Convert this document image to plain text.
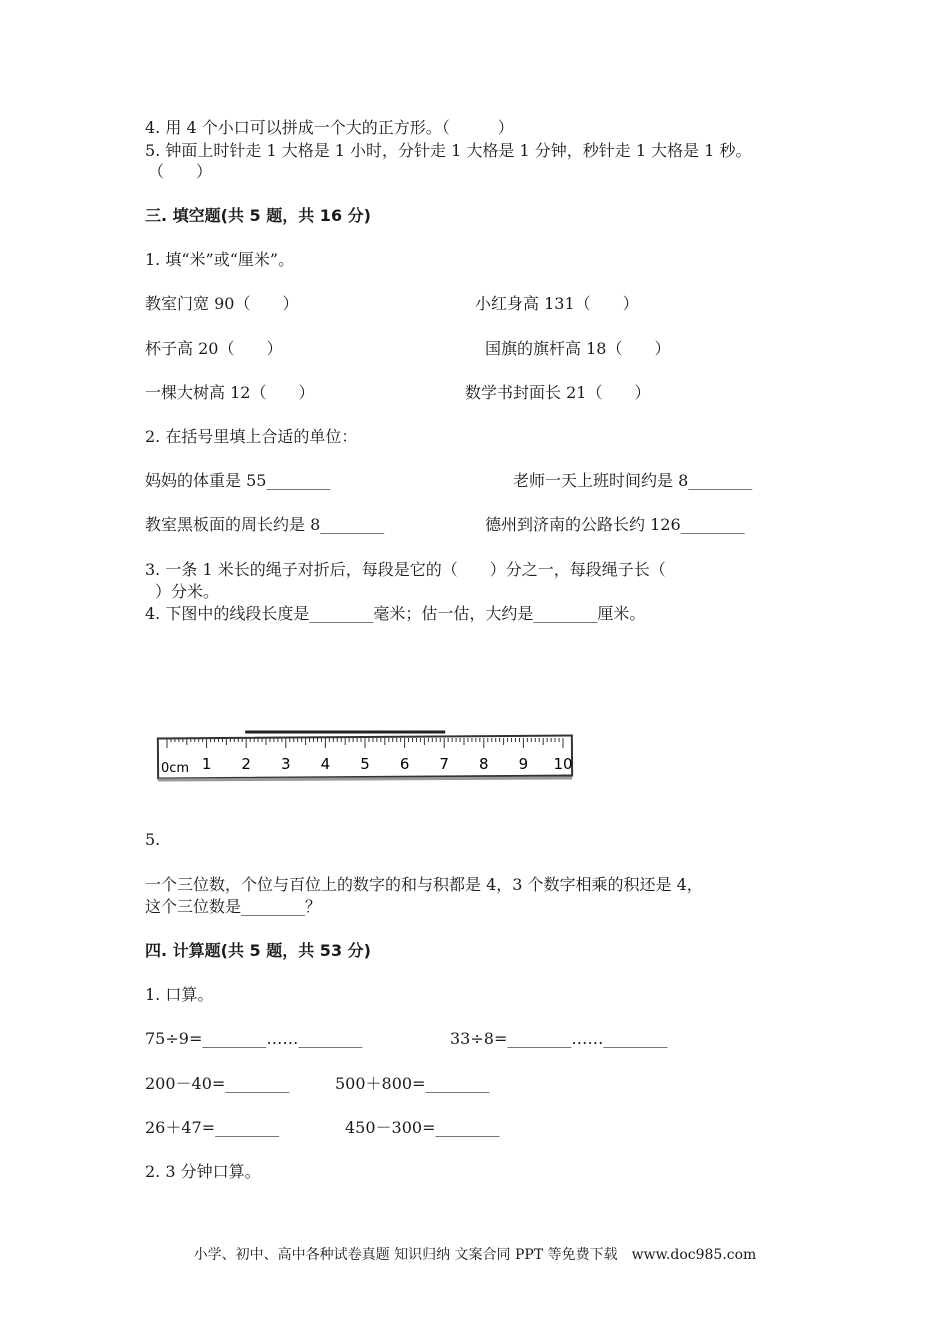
4. 用 4 个小口可以拼成一个大的正方形。（　　　）
5. 钟面上时针走 1 大格是 1 小时，分针走 1 大格是 1 分钟，秒针走 1 大格是 1 秒。
（　　）
三. 填空题(共 5 题，共 16 分)
1. 填“米”或“厘米”。
教室门宽 90（　　）	小红身高 131（　　）
杯子高 20（　　）	国旗的旗杆高 18（　　）
一棵大树高 12（　　）	数学书封面长 21（　　）
2. 在括号里填上合适的单位：
妈妈的体重是 55________	老师一天上班时间约是 8________
教室黑板面的周长约是 8________	德州到济南的公路长约 126________
3. 一条 1 米长的绳子对折后，每段是它的（　　）分之一，每段绳子长（
）分米。
4. 下图中的线段长度是________毫米；估一估，大约是________厘米。
0cm 1 2 3 4 5 6 7 8 9 10
5.
一个三位数，个位与百位上的数字的和与积都是 4，3 个数字相乘的积还是 4，
这个三位数是________？
四. 计算题(共 5 题，共 53 分)
1. 口算。
75÷9=________……________	33÷8=________……________
200－40=________	500＋800=________
26＋47=________	450－300=________
2. 3 分钟口算。
小学、初中、高中各种试卷真题 知识归纳 文案合同 PPT 等免费下载　www.doc985.com
